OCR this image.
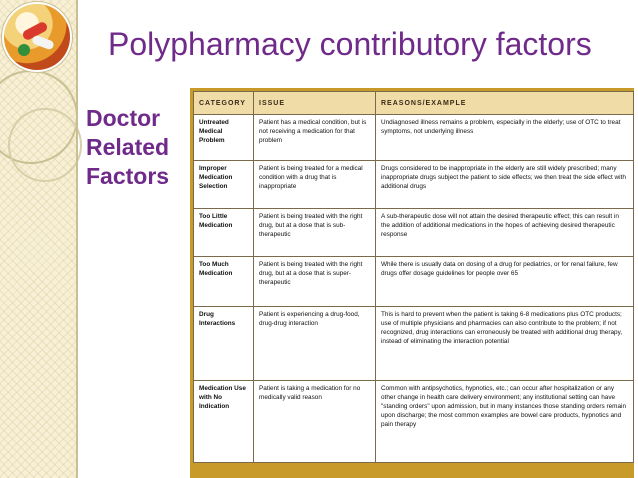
Polypharmacy contributory factors
Doctor
Related
Factors
CATEGORY	ISSUE	REASONS/EXAMPLE
Untreated Medical Problem	Patient has a medical condition, but is not receiving a medication for that problem	Undiagnosed illness remains a problem, especially in the elderly; use of OTC to treat symptoms, not underlying illness
Improper Medication Selection	Patient is being treated for a medical condition with a drug that is inappropriate	Drugs considered to be inappropriate in the elderly are still widely prescribed; many inappropriate drugs subject the patient to side effects; we then treat the side effect with additional drugs
Too Little Medication	Patient is being treated with the right drug, but at a dose that is sub-therapeutic	A sub-therapeutic dose will not attain the desired therapeutic effect; this can result in the addition of additional medications in the hopes of achieving desired therapeutic response
Too Much Medication	Patient is being treated with the right drug, but at a dose that is super-therapeutic	While there is usually data on dosing of a drug for pediatrics, or for renal failure, few drugs offer dosage guidelines for people over 65
Drug Interactions	Patient is experiencing a drug-food, drug-drug interaction	This is hard to prevent when the patient is taking 6-8 medications plus OTC products; use of multiple physicians and pharmacies can also contribute to the problem; if not recognized, drug interactions can erroneously be treated with additional drug therapy, instead of eliminating the interaction potential
Medication Use with No Indication	Patient is taking a medication for no medically valid reason	Common with antipsychotics, hypnotics, etc.; can occur after hospitalization or any other change in health care delivery environment; any institutional setting can have "standing orders" upon admission, but in many instances those standing orders remain upon discharge; the most common examples are bowel care products, hypnotics and pain therapy
